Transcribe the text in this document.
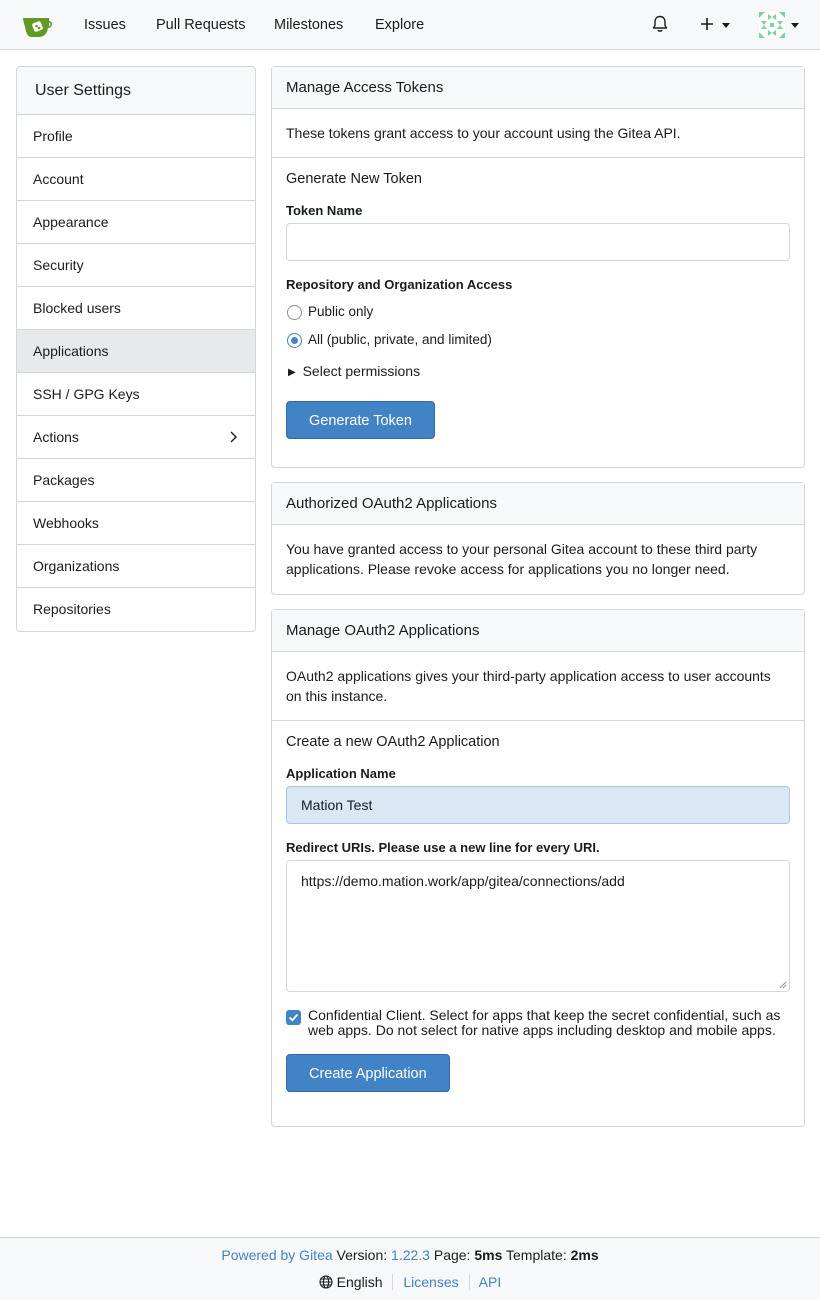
Issues Pull Requests Milestones Explore
User Settings
Profile
Account
Appearance
Security
Blocked users
Applications
SSH / GPG Keys
Actions
Packages
Webhooks
Organizations
Repositories
Manage Access Tokens
These tokens grant access to your account using the Gitea API.
Generate New Token
Token Name
Repository and Organization Access
Public only
All (public, private, and limited)
▶ Select permissions
Generate Token
Authorized OAuth2 Applications
You have granted access to your personal Gitea account to these third party applications. Please revoke access for applications you no longer need.
Manage OAuth2 Applications
OAuth2 applications gives your third-party application access to user accounts on this instance.
Create a new OAuth2 Application
Application Name
Mation Test
Redirect URIs. Please use a new line for every URI.
https://demo.mation.work/app/gitea/connections/add
Confidential Client. Select for apps that keep the secret confidential, such as web apps. Do not select for native apps including desktop and mobile apps.
Create Application
Powered by Gitea Version: 1.22.3 Page: 5ms Template: 2ms
English Licenses API
